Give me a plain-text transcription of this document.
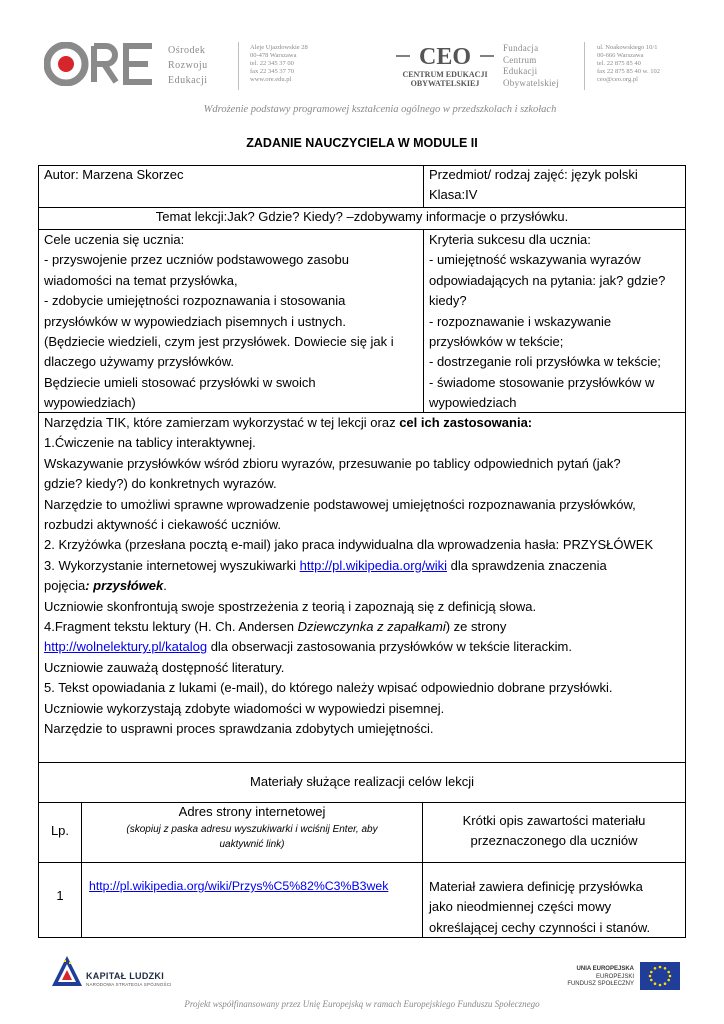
Ośrodek
Rozwoju
Edukacji
Aleje Ujazdowskie 28
00-478 Warszawa
tel. 22 345 37 00
fax 22 345 37 70
www.ore.edu.pl
CEO
CENTRUM EDUKACJI
OBYWATELSKIEJ
Fundacja
Centrum
Edukacji
Obywatelskiej
ul. Noakowskiego 10/1
00-666 Warszawa
tel. 22 875 85 40
fax 22 875 85 40 w. 102
ceo@ceo.org.pl
Wdrożenie podstawy programowej kształcenia ogólnego w przedszkolach i szkołach
ZADANIE NAUCZYCIELA W MODULE II
Autor: Marzena Skorzec	Przedmiot/ rodzaj zajęć: język polski
Klasa:IV
Temat lekcji:Jak? Gdzie? Kiedy? –zdobywamy informacje o przysłówku.
Cele uczenia się ucznia:
- przyswojenie przez uczniów podstawowego zasobu
wiadomości na temat przysłówka,
- zdobycie umiejętności rozpoznawania i stosowania
przysłówków w wypowiedziach pisemnych i ustnych.
(Będziecie wiedzieli, czym jest przysłówek. Dowiecie się jak i
dlaczego używamy przysłówków.
Będziecie umieli stosować przysłówki w swoich
wypowiedziach)
Kryteria sukcesu dla ucznia:
- umiejętność wskazywania wyrazów
odpowiadających na pytania: jak? gdzie?
kiedy?
- rozpoznawanie i wskazywanie
przysłówków w tekście;
- dostrzeganie roli przysłówka w tekście;
- świadome stosowanie przysłówków w
wypowiedziach
Narzędzia TIK, które zamierzam wykorzystać w tej lekcji oraz cel ich zastosowania:
1.Ćwiczenie na tablicy interaktywnej.
Wskazywanie przysłówków wśród zbioru wyrazów, przesuwanie po tablicy odpowiednich pytań (jak?
gdzie? kiedy?) do konkretnych wyrazów.
Narzędzie to umożliwi sprawne wprowadzenie podstawowej umiejętności rozpoznawania przysłówków,
rozbudzi aktywność i ciekawość uczniów.
2. Krzyżówka (przesłana pocztą e-mail) jako praca indywidualna dla wprowadzenia hasła: PRZYSŁÓWEK
3. Wykorzystanie internetowej wyszukiwarki http://pl.wikipedia.org/wiki dla sprawdzenia znaczenia
pojęcia: przysłówek.
Uczniowie skonfrontują swoje spostrzeżenia z teorią i zapoznają się z definicją słowa.
4.Fragment tekstu lektury (H. Ch. Andersen Dziewczynka z zapałkami) ze strony
http://wolnelektury.pl/katalog dla obserwacji zastosowania przysłówków w tekście literackim.
Uczniowie zauważą dostępność literatury.
5. Tekst opowiadania z lukami (e-mail), do którego należy wpisać odpowiednio dobrane przysłówki.
Uczniowie wykorzystają zdobyte wiadomości w wypowiedzi pisemnej.
Narzędzie to usprawni proces sprawdzania zdobytych umiejętności.
Materiały służące realizacji celów lekcji
Lp.
Adres strony internetowej
(skopiuj z paska adresu wyszukiwarki i wciśnij Enter, aby
uaktywnić link)
Krótki opis zawartości materiału
przeznaczonego dla uczniów
1
http://pl.wikipedia.org/wiki/Przys%C5%82%C3%B3wek	Materiał zawiera definicję przysłówka
jako nieodmiennej części mowy
określającej cechy czynności i stanów.
KAPITAŁ LUDZKI
NARODOWA STRATEGIA SPÓJNOŚCI
UNIA EUROPEJSKA
EUROPEJSKI
FUNDUSZ SPOŁECZNY
Projekt współfinansowany przez Unię Europejską w ramach Europejskiego Funduszu Społecznego
